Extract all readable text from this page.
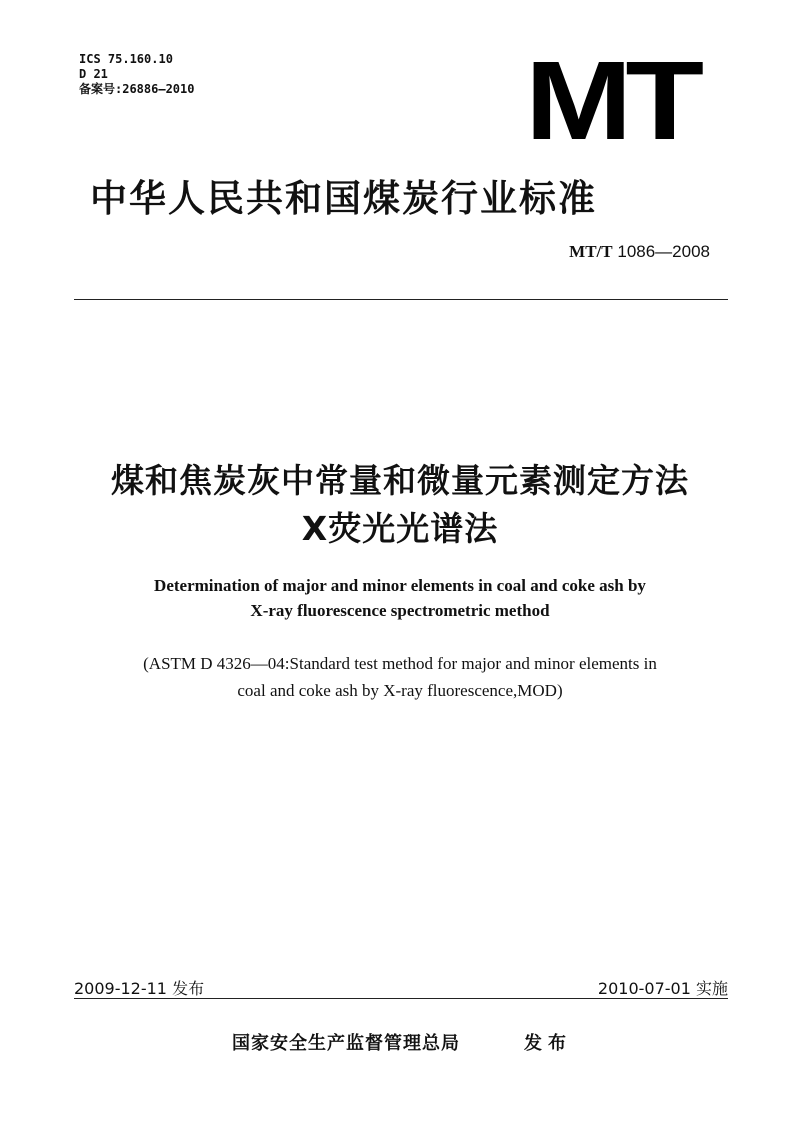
ICS 75.160.10
D 21
备案号:26886—2010	MT
中华人民共和国煤炭行业标准
MT/T 1086—2008
煤和焦炭灰中常量和微量元素测定方法
X荧光光谱法
Determination of major and minor elements in coal and coke ash by
X-ray fluorescence spectrometric method
(ASTM D 4326—04:Standard test method for major and minor elements in
coal and coke ash by X-ray fluorescence,MOD)
2009-12-11 发布	2010-07-01 实施
国家安全生产监督管理总局	发布
